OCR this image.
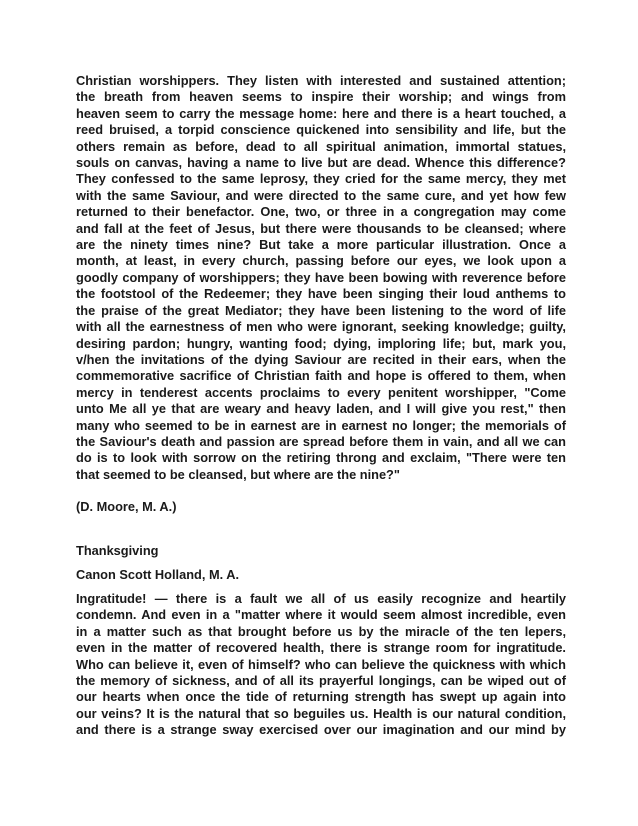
Christian worshippers. They listen with interested and sustained attention;
the breath from heaven seems to inspire their worship; and wings from
heaven seem to carry the message home: here and there is a heart touched, a
reed bruised, a torpid conscience quickened into sensibility and life, but the
others remain as before, dead to all spiritual animation, immortal statues,
souls on canvas, having a name to live but are dead. Whence this difference?
They confessed to the same leprosy, they cried for the same mercy, they met
with the same Saviour, and were directed to the same cure, and yet how few
returned to their benefactor. One, two, or three in a congregation may come
and fall at the feet of Jesus, but there were thousands to be cleansed; where
are the ninety times nine? But take a more particular illustration. Once a
month, at least, in every church, passing before our eyes, we look upon a
goodly company of worshippers; they have been bowing with reverence before
the footstool of the Redeemer; they have been singing their loud anthems to
the praise of the great Mediator; they have been listening to the word of life
with all the earnestness of men who were ignorant, seeking knowledge; guilty,
desiring pardon; hungry, wanting food; dying, imploring life; but, mark you,
v/hen the invitations of the dying Saviour are recited in their ears, when the
commemorative sacrifice of Christian faith and hope is offered to them, when
mercy in tenderest accents proclaims to every penitent worshipper, "Come
unto Me all ye that are weary and heavy laden, and I will give you rest," then
many who seemed to be in earnest are in earnest no longer; the memorials of
the Saviour's death and passion are spread before them in vain, and all we can
do is to look with sorrow on the retiring throng and exclaim, "There were ten
that seemed to be cleansed, but where are the nine?"
(D. Moore, M. A.)
Thanksgiving
Canon Scott Holland, M. A.
Ingratitude! — there is a fault we all of us easily recognize and heartily
condemn. And even in a "matter where it would seem almost incredible, even
in a matter such as that brought before us by the miracle of the ten lepers,
even in the matter of recovered health, there is strange room for ingratitude.
Who can believe it, even of himself? who can believe the quickness with which
the memory of sickness, and of all its prayerful longings, can be wiped out of
our hearts when once the tide of returning strength has swept up again into
our veins? It is the natural that so beguiles us. Health is our natural condition,
and there is a strange sway exercised over our imagination and our mind by
